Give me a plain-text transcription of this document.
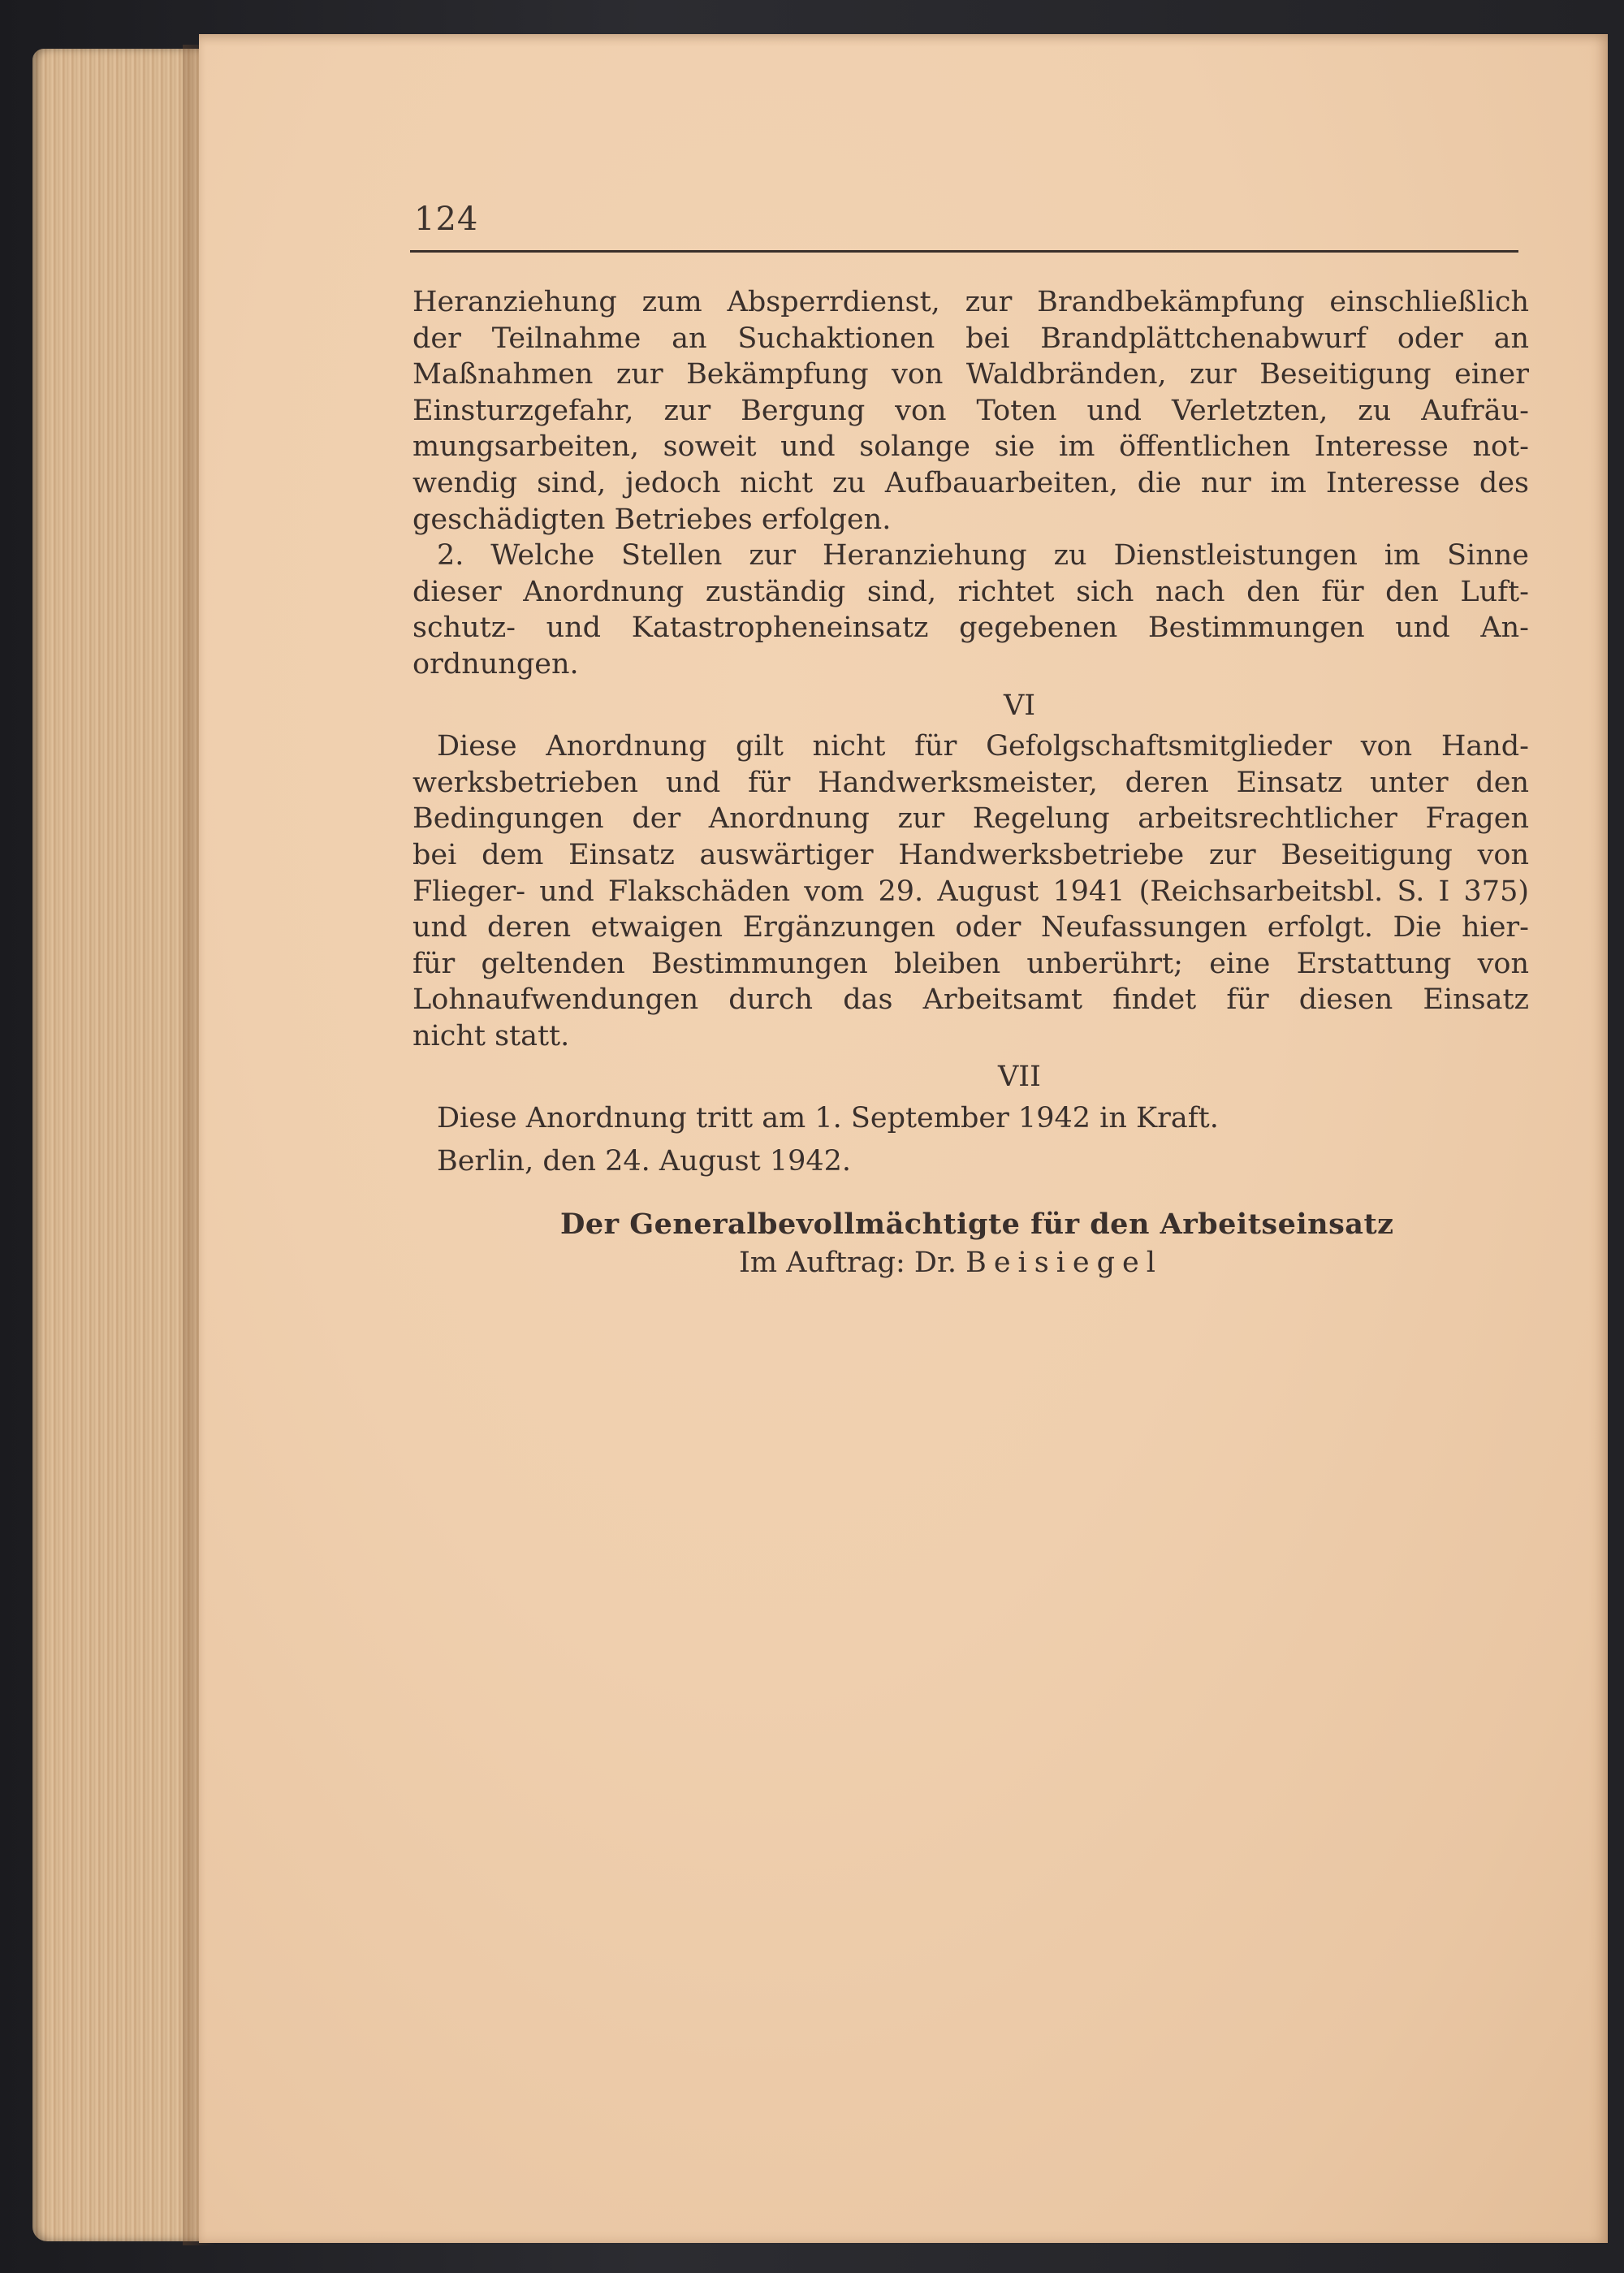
124
Heranziehung zum Absperrdienst, zur Brandbekämpfung einschließlich
der Teilnahme an Suchaktionen bei Brandplättchenabwurf oder an
Maßnahmen zur Bekämpfung von Waldbränden, zur Beseitigung einer
Einsturzgefahr, zur Bergung von Toten und Verletzten, zu Aufräu-
mungsarbeiten, soweit und solange sie im öffentlichen Interesse not-
wendig sind, jedoch nicht zu Aufbauarbeiten, die nur im Interesse des
geschädigten Betriebes erfolgen.
2. Welche Stellen zur Heranziehung zu Dienstleistungen im Sinne
dieser Anordnung zuständig sind, richtet sich nach den für den Luft-
schutz- und Katastropheneinsatz gegebenen Bestimmungen und An-
ordnungen.
VI
Diese Anordnung gilt nicht für Gefolgschaftsmitglieder von Hand-
werksbetrieben und für Handwerksmeister, deren Einsatz unter den
Bedingungen der Anordnung zur Regelung arbeitsrechtlicher Fragen
bei dem Einsatz auswärtiger Handwerksbetriebe zur Beseitigung von
Flieger- und Flakschäden vom 29. August 1941 (Reichsarbeitsbl. S. I 375)
und deren etwaigen Ergänzungen oder Neufassungen erfolgt. Die hier-
für geltenden Bestimmungen bleiben unberührt; eine Erstattung von
Lohnaufwendungen durch das Arbeitsamt findet für diesen Einsatz
nicht statt.
VII
Diese Anordnung tritt am 1. September 1942 in Kraft.
Berlin, den 24. August 1942.
Der Generalbevollmächtigte für den Arbeitseinsatz
Im Auftrag: Dr. Beisiegel
